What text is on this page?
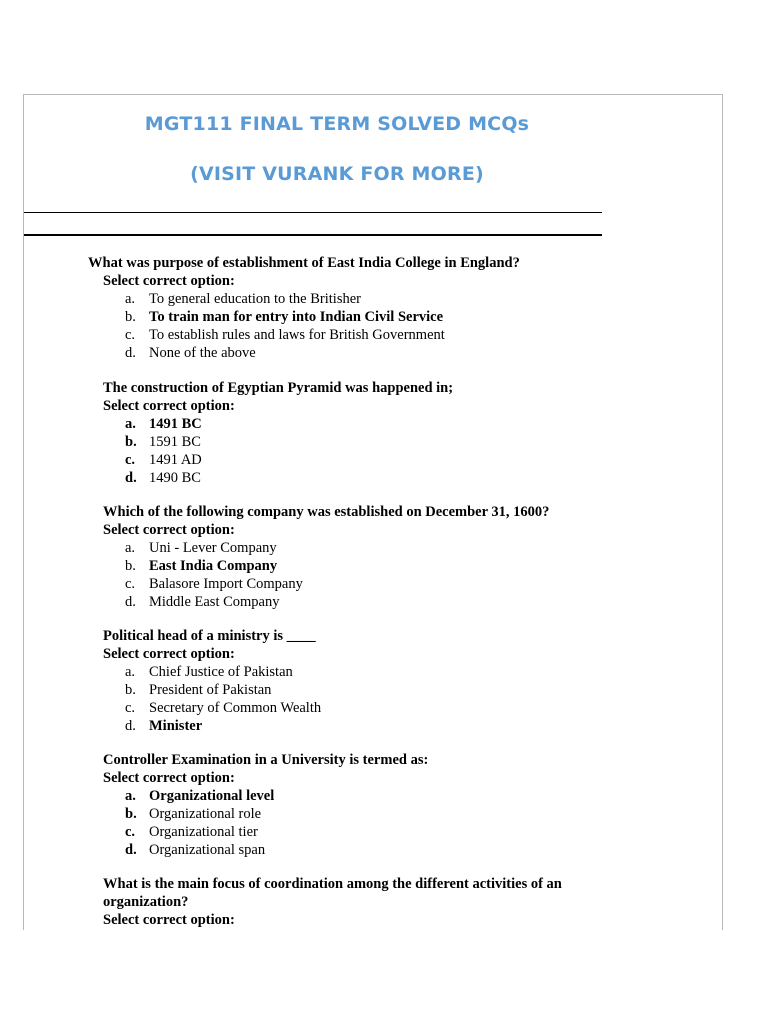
MGT111 FINAL TERM SOLVED MCQs
(VISIT VURANK FOR MORE)
What was purpose of establishment of East India College in England?
Select correct option:
a. To general education to the Britisher
b. To train man for entry into Indian Civil Service
c. To establish rules and laws for British Government
d. None of the above
The construction of Egyptian Pyramid was happened in;
Select correct option:
a. 1491 BC
b. 1591 BC
c. 1491 AD
d. 1490 BC
Which of the following company was established on December 31, 1600?
Select correct option:
a. Uni - Lever Company
b. East India Company
c. Balasore Import Company
d. Middle East Company
Political head of a ministry is ____
Select correct option:
a. Chief Justice of Pakistan
b. President of Pakistan
c. Secretary of Common Wealth
d. Minister
Controller Examination in a University is termed as:
Select correct option:
a. Organizational level
b. Organizational role
c. Organizational tier
d. Organizational span
What is the main focus of coordination among the different activities of an organization?
Select correct option:
